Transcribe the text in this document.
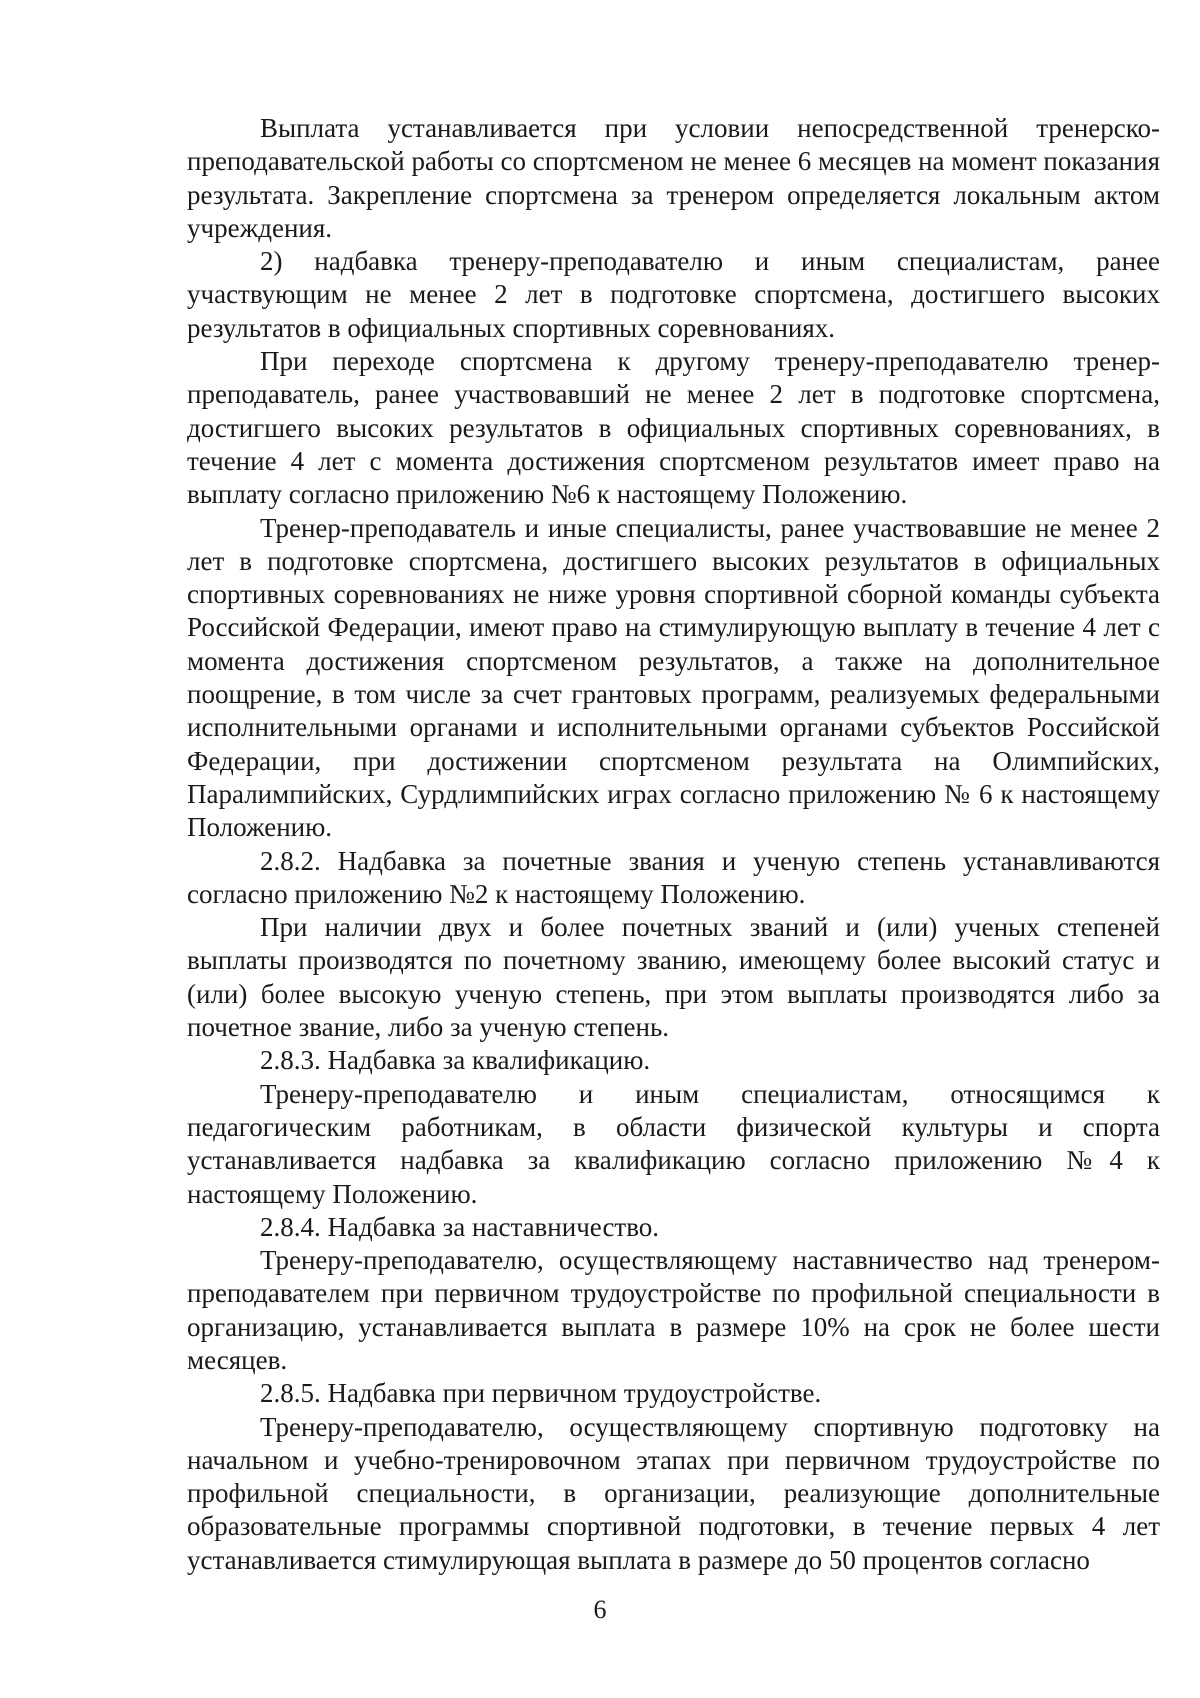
Выплата устанавливается при условии непосредственной тренерско-преподавательской работы со спортсменом не менее 6 месяцев на момент показания результата. Закрепление спортсмена за тренером определяется локальным актом учреждения.

2) надбавка тренеру-преподавателю и иным специалистам, ранее участвующим не менее 2 лет в подготовке спортсмена, достигшего высоких результатов в официальных спортивных соревнованиях.

При переходе спортсмена к другому тренеру-преподавателю тренер-преподаватель, ранее участвовавший не менее 2 лет в подготовке спортсмена, достигшего высоких результатов в официальных спортивных соревнованиях, в течение 4 лет с момента достижения спортсменом результатов имеет право на выплату согласно приложению №6 к настоящему Положению.

Тренер-преподаватель и иные специалисты, ранее участвовавшие не менее 2 лет в подготовке спортсмена, достигшего высоких результатов в официальных спортивных соревнованиях не ниже уровня спортивной сборной команды субъекта Российской Федерации, имеют право на стимулирующую выплату в течение 4 лет с момента достижения спортсменом результатов, а также на дополнительное поощрение, в том числе за счет грантовых программ, реализуемых федеральными исполнительными органами и исполнительными органами субъектов Российской Федерации, при достижении спортсменом результата на Олимпийских, Паралимпийских, Сурдлимпийских играх согласно приложению № 6 к настоящему Положению.

2.8.2. Надбавка за почетные звания и ученую степень устанавливаются согласно приложению №2 к настоящему Положению.

При наличии двух и более почетных званий и (или) ученых степеней выплаты производятся по почетному званию, имеющему более высокий статус и (или) более высокую ученую степень, при этом выплаты производятся либо за почетное звание, либо за ученую степень.

2.8.3. Надбавка за квалификацию.

Тренеру-преподавателю и иным специалистам, относящимся к педагогическим работникам, в области физической культуры и спорта устанавливается надбавка за квалификацию согласно приложению №4 к настоящему Положению.

2.8.4. Надбавка за наставничество.

Тренеру-преподавателю, осуществляющему наставничество над тренером-преподавателем при первичном трудоустройстве по профильной специальности в организацию, устанавливается выплата в размере 10% на срок не более шести месяцев.

2.8.5. Надбавка при первичном трудоустройстве.

Тренеру-преподавателю, осуществляющему спортивную подготовку на начальном и учебно-тренировочном этапах при первичном трудоустройстве по профильной специальности, в организации, реализующие дополнительные образовательные программы спортивной подготовки, в течение первых 4 лет устанавливается стимулирующая выплата в размере до 50 процентов согласно

6
